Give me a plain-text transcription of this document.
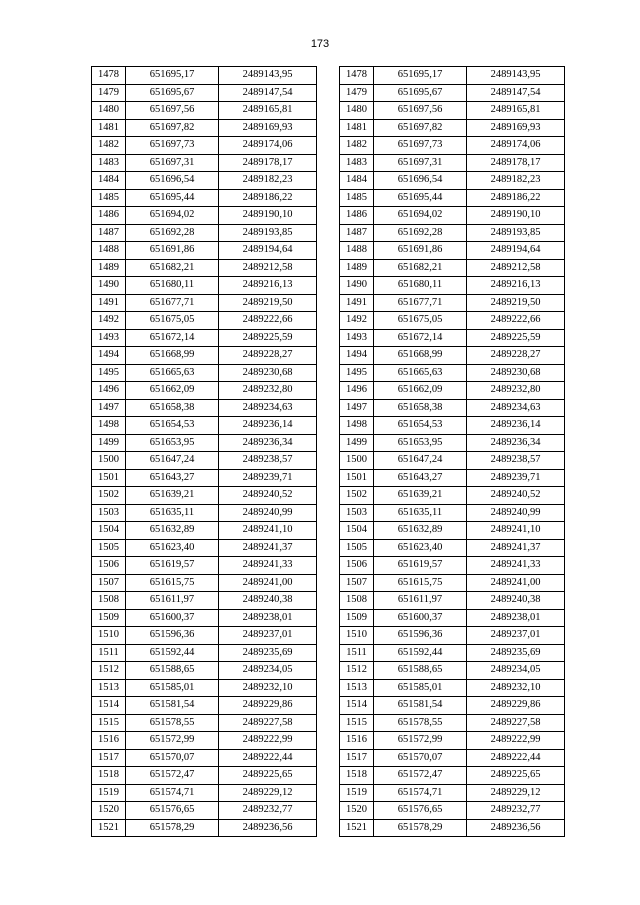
173
1478	651695,17	2489143,95
1479	651695,67	2489147,54
1480	651697,56	2489165,81
1481	651697,82	2489169,93
1482	651697,73	2489174,06
1483	651697,31	2489178,17
1484	651696,54	2489182,23
1485	651695,44	2489186,22
1486	651694,02	2489190,10
1487	651692,28	2489193,85
1488	651691,86	2489194,64
1489	651682,21	2489212,58
1490	651680,11	2489216,13
1491	651677,71	2489219,50
1492	651675,05	2489222,66
1493	651672,14	2489225,59
1494	651668,99	2489228,27
1495	651665,63	2489230,68
1496	651662,09	2489232,80
1497	651658,38	2489234,63
1498	651654,53	2489236,14
1499	651653,95	2489236,34
1500	651647,24	2489238,57
1501	651643,27	2489239,71
1502	651639,21	2489240,52
1503	651635,11	2489240,99
1504	651632,89	2489241,10
1505	651623,40	2489241,37
1506	651619,57	2489241,33
1507	651615,75	2489241,00
1508	651611,97	2489240,38
1509	651600,37	2489238,01
1510	651596,36	2489237,01
1511	651592,44	2489235,69
1512	651588,65	2489234,05
1513	651585,01	2489232,10
1514	651581,54	2489229,86
1515	651578,55	2489227,58
1516	651572,99	2489222,99
1517	651570,07	2489222,44
1518	651572,47	2489225,65
1519	651574,71	2489229,12
1520	651576,65	2489232,77
1521	651578,29	2489236,56
1478	651695,17	2489143,95
1479	651695,67	2489147,54
1480	651697,56	2489165,81
1481	651697,82	2489169,93
1482	651697,73	2489174,06
1483	651697,31	2489178,17
1484	651696,54	2489182,23
1485	651695,44	2489186,22
1486	651694,02	2489190,10
1487	651692,28	2489193,85
1488	651691,86	2489194,64
1489	651682,21	2489212,58
1490	651680,11	2489216,13
1491	651677,71	2489219,50
1492	651675,05	2489222,66
1493	651672,14	2489225,59
1494	651668,99	2489228,27
1495	651665,63	2489230,68
1496	651662,09	2489232,80
1497	651658,38	2489234,63
1498	651654,53	2489236,14
1499	651653,95	2489236,34
1500	651647,24	2489238,57
1501	651643,27	2489239,71
1502	651639,21	2489240,52
1503	651635,11	2489240,99
1504	651632,89	2489241,10
1505	651623,40	2489241,37
1506	651619,57	2489241,33
1507	651615,75	2489241,00
1508	651611,97	2489240,38
1509	651600,37	2489238,01
1510	651596,36	2489237,01
1511	651592,44	2489235,69
1512	651588,65	2489234,05
1513	651585,01	2489232,10
1514	651581,54	2489229,86
1515	651578,55	2489227,58
1516	651572,99	2489222,99
1517	651570,07	2489222,44
1518	651572,47	2489225,65
1519	651574,71	2489229,12
1520	651576,65	2489232,77
1521	651578,29	2489236,56
